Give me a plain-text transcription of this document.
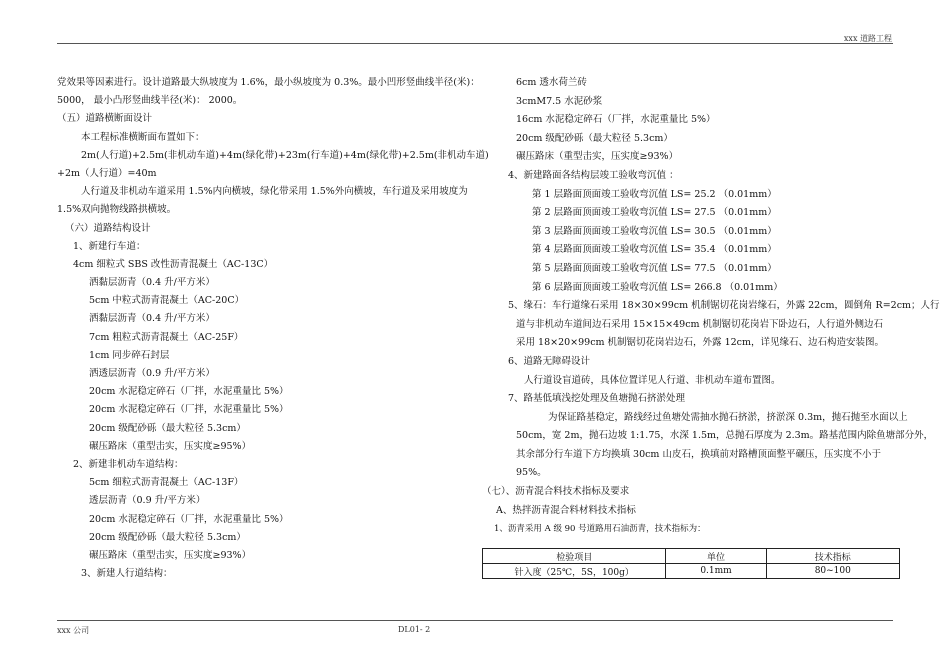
xxx 道路工程
党效果等因素进行。设计道路最大纵坡度为 1.6%，最小纵坡度为 0.3%。最小凹形竖曲线半径(米)：
5000， 最小凸形竖曲线半径(米)： 2000。
（五）道路横断面设计
本工程标准横断面布置如下：
2m(人行道)+2.5m(非机动车道)+4m(绿化带)+23m(行车道)+4m(绿化带)+2.5m(非机动车道)
+2m（人行道）=40m
人行道及非机动车道采用 1.5%内向横坡，绿化带采用 1.5%外向横坡，车行道及采用坡度为
1.5%双向抛物线路拱横坡。
（六）道路结构设计
1、新建行车道：
4cm 细粒式 SBS 改性沥青混凝土（AC-13C）
洒黏层沥青（0.4 升/平方米）
5cm 中粒式沥青混凝土（AC-20C）
洒黏层沥青（0.4 升/平方米）
7cm 粗粒式沥青混凝土（AC-25F）
1cm 同步碎石封层
洒透层沥青（0.9 升/平方米）
20cm 水泥稳定碎石（厂拌，水泥重量比 5%）
20cm 水泥稳定碎石（厂拌，水泥重量比 5%）
20cm 级配砂砾（最大粒径 5.3cm）
碾压路床（重型击实，压实度≥95%）
2、新建非机动车道结构：
5cm 细粒式沥青混凝土（AC-13F）
透层沥青（0.9 升/平方米）
20cm 水泥稳定碎石（厂拌，水泥重量比 5%）
20cm 级配砂砾（最大粒径 5.3cm）
碾压路床（重型击实，压实度≥93%）
3、新建人行道结构：
6cm 透水荷兰砖
3cmM7.5 水泥砂浆
16cm 水泥稳定碎石（厂拌，水泥重量比 5%）
20cm 级配砂砾（最大粒径 5.3cm）
碾压路床（重型击实，压实度≥93%）
4、新建路面各结构层竣工验收弯沉值 ：
第 1 层路面顶面竣工验收弯沉值 LS= 25.2 （0.01mm）
第 2 层路面顶面竣工验收弯沉值 LS= 27.5 （0.01mm）
第 3 层路面顶面竣工验收弯沉值 LS= 30.5 （0.01mm）
第 4 层路面顶面竣工验收弯沉值 LS= 35.4 （0.01mm）
第 5 层路面顶面竣工验收弯沉值 LS= 77.5 （0.01mm）
第 6 层路面顶面竣工验收弯沉值 LS= 266.8 （0.01mm）
5、缘石：车行道缘石采用 18×30×99cm 机制锯切花岗岩缘石，外露 22cm，圆倒角 R=2cm；人行
道与非机动车道间边石采用 15×15×49cm 机制锯切花岗岩下卧边石，人行道外侧边石
采用 18×20×99cm 机制锯切花岗岩边石，外露 12cm，详见缘石、边石构造安装图。
6、道路无障碍设计
人行道设盲道砖，具体位置详见人行道、非机动车道布置图。
7、路基低填浅挖处理及鱼塘抛石挤淤处理
为保证路基稳定，路线经过鱼塘处需抽水抛石挤淤，挤淤深 0.3m，抛石抛至水面以上
50cm，宽 2m，抛石边坡 1:1.75，水深 1.5m，总抛石厚度为 2.3m。路基范围内除鱼塘部分外，
其余部分行车道下方均换填 30cm 山皮石，换填前对路槽顶面整平碾压，压实度不小于
95%。
（七）、沥青混合料技术指标及要求
A、热拌沥青混合料材料技术指标
1、沥青采用 A 级 90 号道路用石油沥青，技术指标为：
检验项目	单位	技术指标
针入度（25℃，5S，100g）	0.1mm	80~100
xxx 公司	DL01- 2
